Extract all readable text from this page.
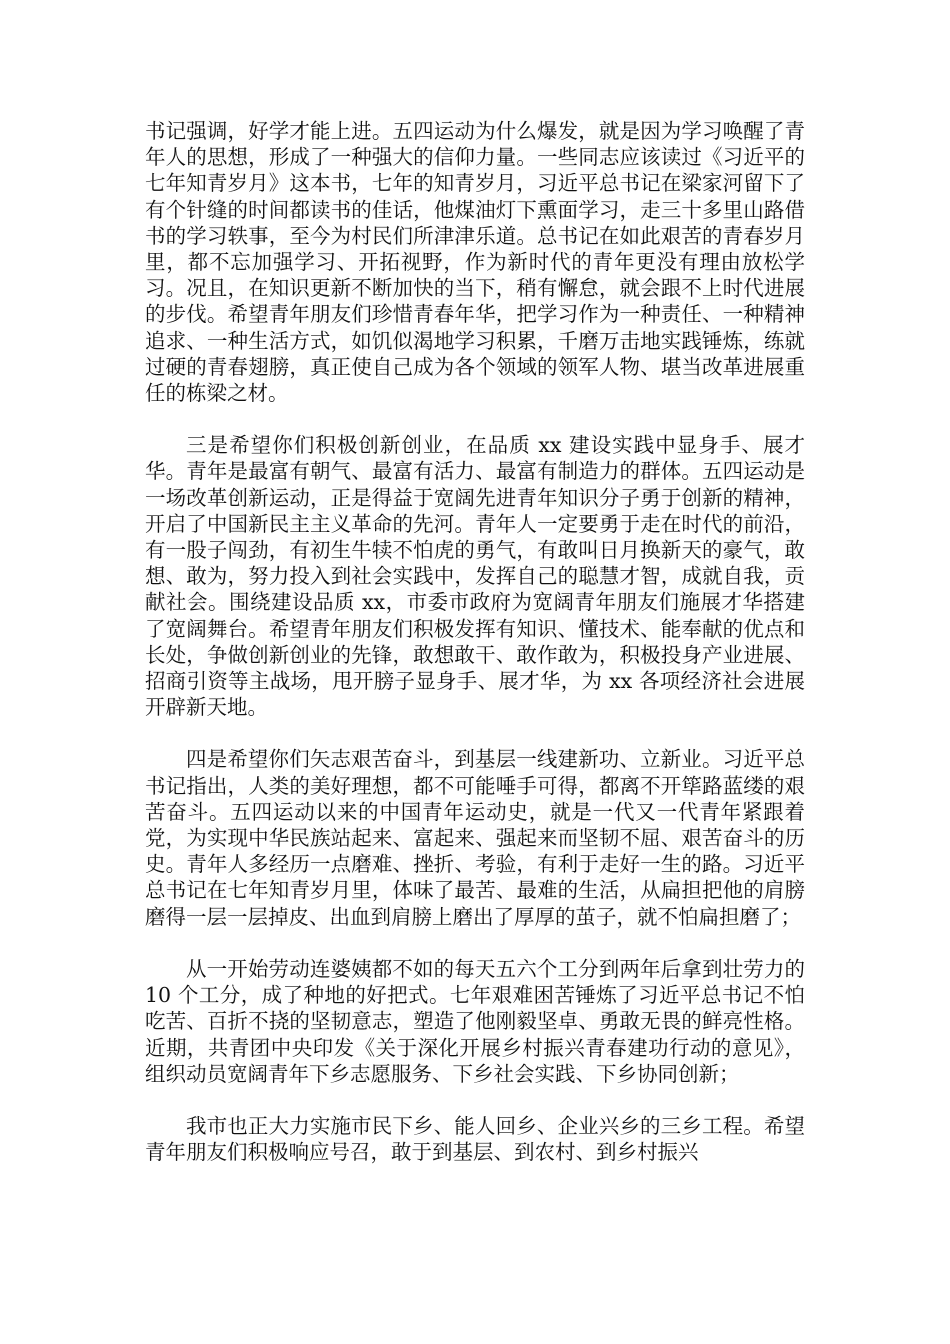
书记强调，好学才能上进。五四运动为什么爆发，就是因为学习唤醒了青年人的思想，形成了一种强大的信仰力量。一些同志应该读过《习近平的七年知青岁月》这本书，七年的知青岁月，习近平总书记在梁家河留下了有个针缝的时间都读书的佳话，他煤油灯下熏面学习，走三十多里山路借书的学习轶事，至今为村民们所津津乐道。总书记在如此艰苦的青春岁月里，都不忘加强学习、开拓视野，作为新时代的青年更没有理由放松学习。况且，在知识更新不断加快的当下，稍有懈怠，就会跟不上时代进展的步伐。希望青年朋友们珍惜青春年华，把学习作为一种责任、一种精神追求、一种生活方式，如饥似渴地学习积累，千磨万击地实践锤炼，练就过硬的青春翅膀，真正使自己成为各个领域的领军人物、堪当改革进展重任的栋梁之材。

三是希望你们积极创新创业，在品质 xx 建设实践中显身手、展才华。青年是最富有朝气、最富有活力、最富有制造力的群体。五四运动是一场改革创新运动，正是得益于宽阔先进青年知识分子勇于创新的精神，开启了中国新民主主义革命的先河。青年人一定要勇于走在时代的前沿，有一股子闯劲，有初生牛犊不怕虎的勇气，有敢叫日月换新天的豪气，敢想、敢为，努力投入到社会实践中，发挥自己的聪慧才智，成就自我，贡献社会。围绕建设品质 xx，市委市政府为宽阔青年朋友们施展才华搭建了宽阔舞台。希望青年朋友们积极发挥有知识、懂技术、能奉献的优点和长处，争做创新创业的先锋，敢想敢干、敢作敢为，积极投身产业进展、招商引资等主战场，甩开膀子显身手、展才华，为 xx 各项经济社会进展开辟新天地。

四是希望你们矢志艰苦奋斗，到基层一线建新功、立新业。习近平总书记指出，人类的美好理想，都不可能唾手可得，都离不开筚路蓝缕的艰苦奋斗。五四运动以来的中国青年运动史，就是一代又一代青年紧跟着党，为实现中华民族站起来、富起来、强起来而坚韧不屈、艰苦奋斗的历史。青年人多经历一点磨难、挫折、考验，有利于走好一生的路。习近平总书记在七年知青岁月里，体味了最苦、最难的生活，从扁担把他的肩膀磨得一层一层掉皮、出血到肩膀上磨出了厚厚的茧子，就不怕扁担磨了；

从一开始劳动连婆姨都不如的每天五六个工分到两年后拿到壮劳力的 10 个工分，成了种地的好把式。七年艰难困苦锤炼了习近平总书记不怕吃苦、百折不挠的坚韧意志，塑造了他刚毅坚卓、勇敢无畏的鲜亮性格。近期，共青团中央印发《关于深化开展乡村振兴青春建功行动的意见》，组织动员宽阔青年下乡志愿服务、下乡社会实践、下乡协同创新；

我市也正大力实施市民下乡、能人回乡、企业兴乡的三乡工程。希望青年朋友们积极响应号召，敢于到基层、到农村、到乡村振兴
